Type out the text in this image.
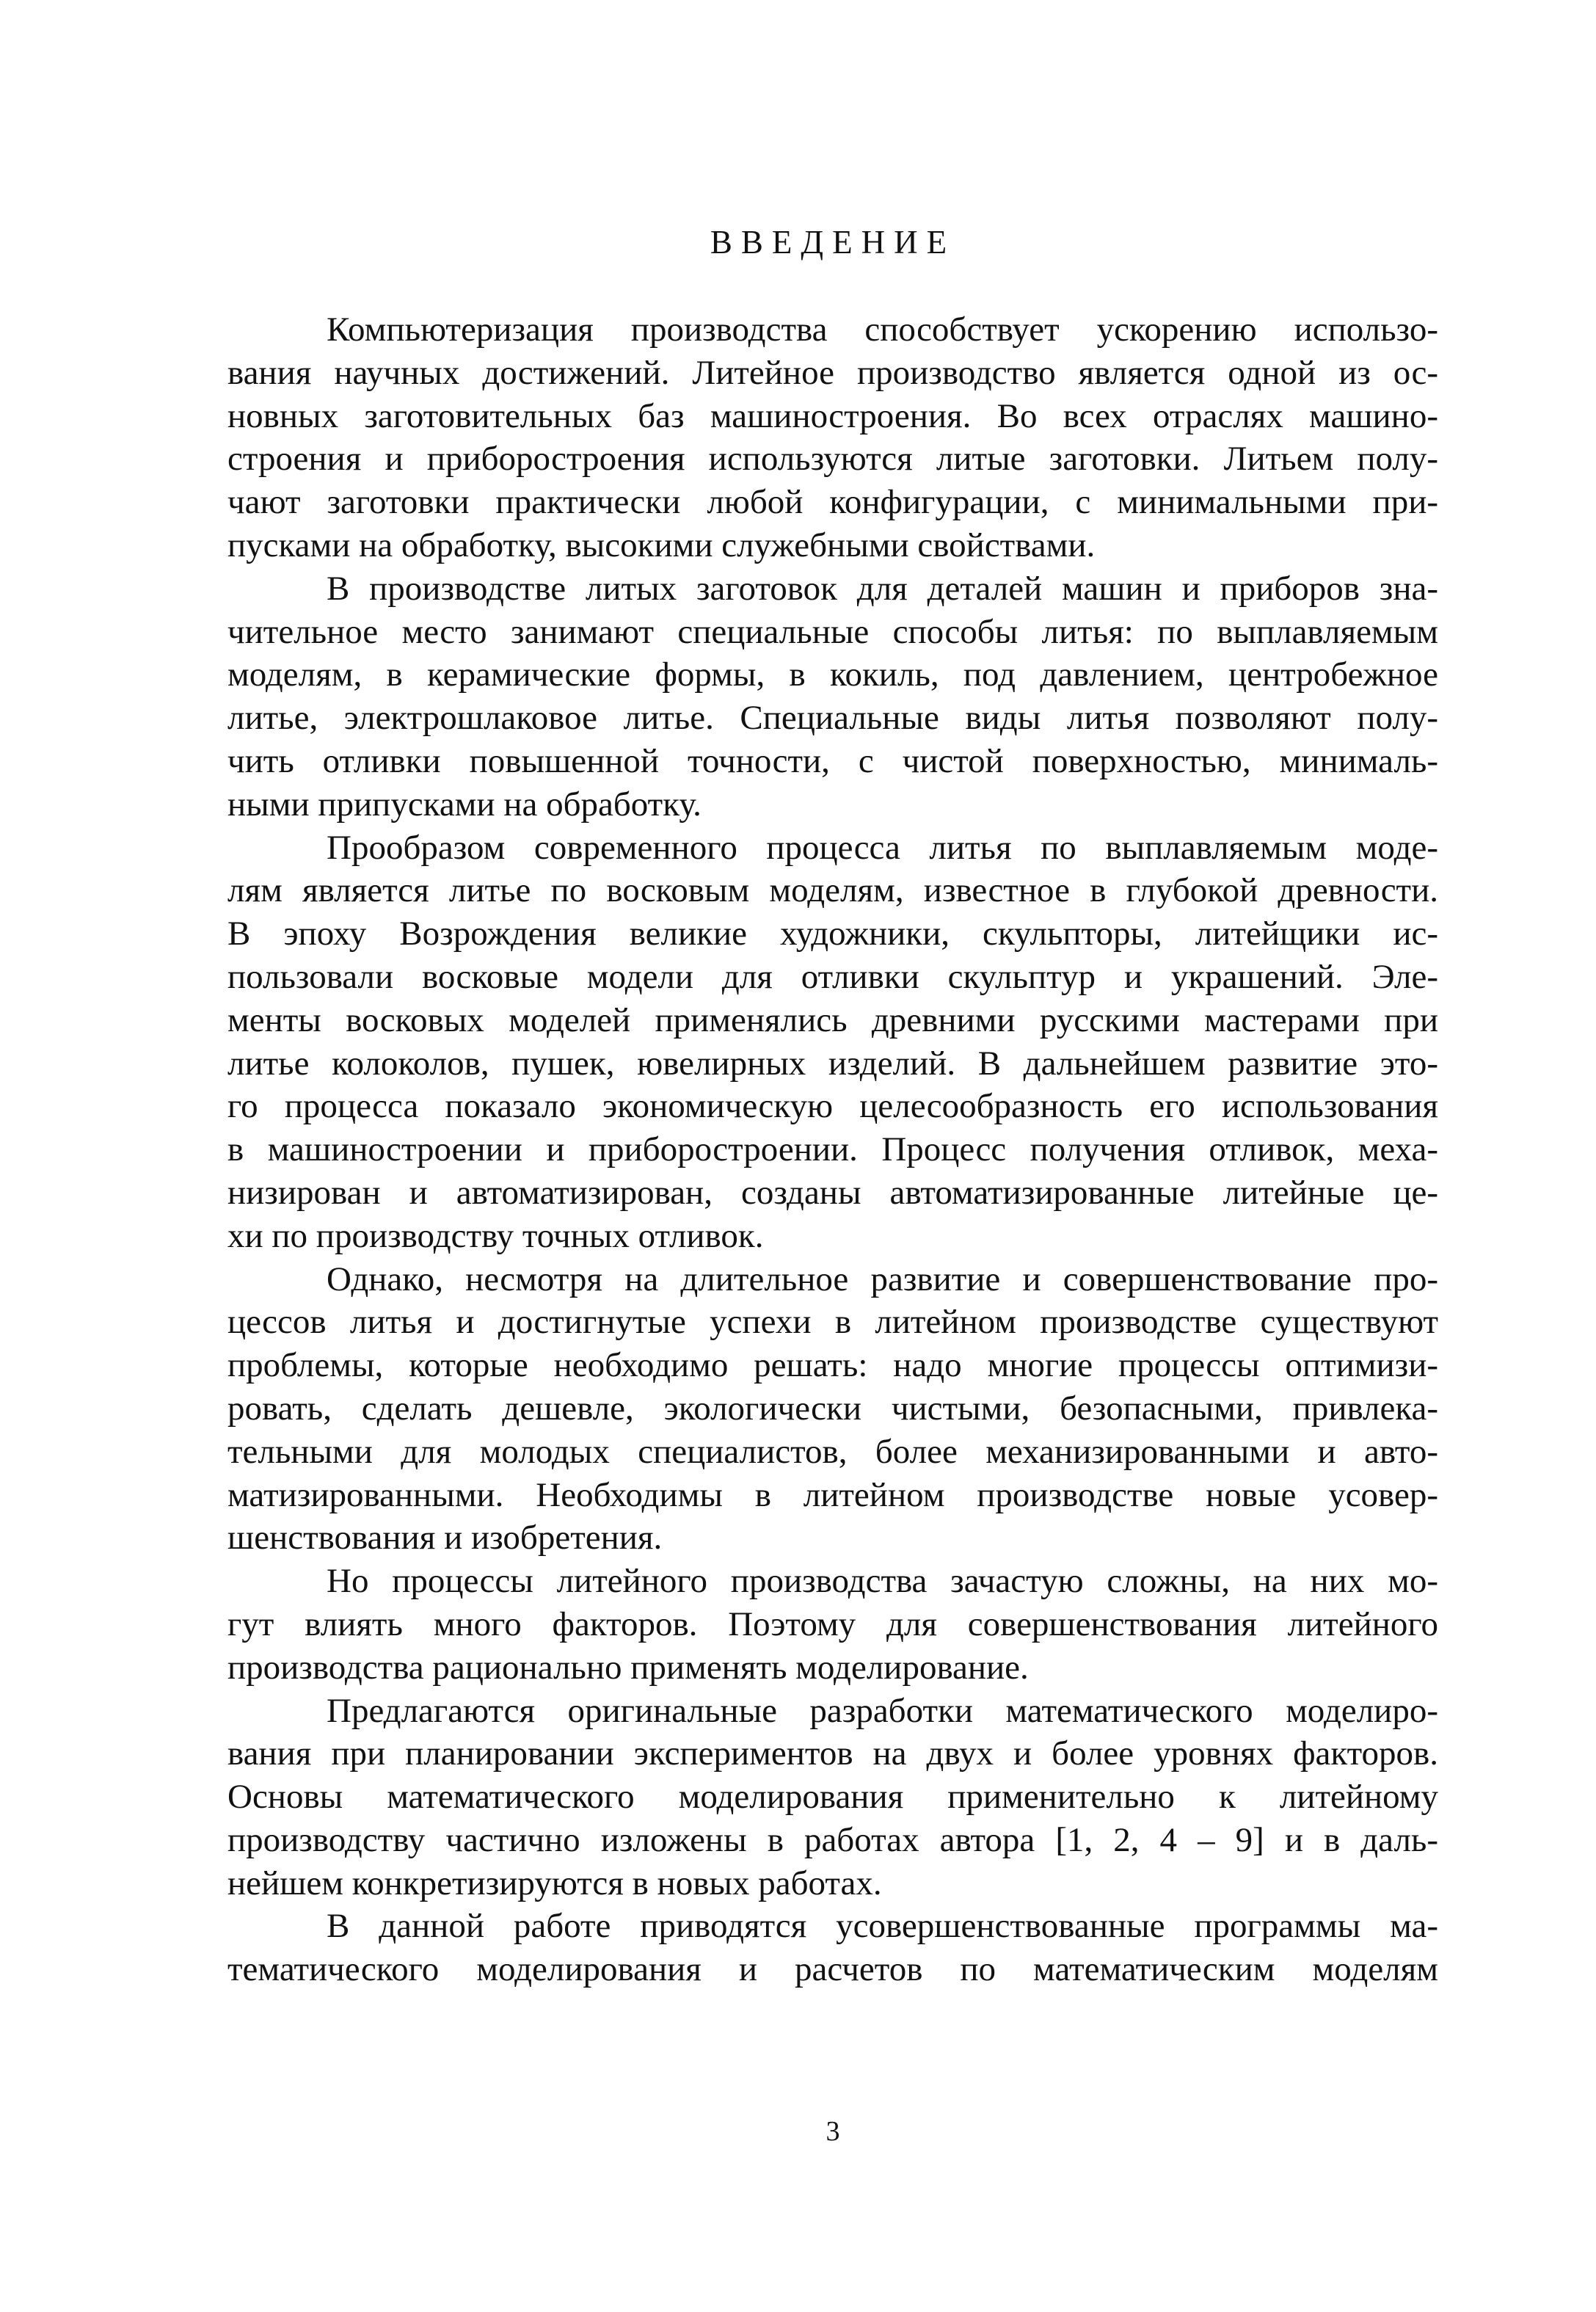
ВВЕДЕНИЕ
Компьютеризация производства способствует ускорению использо-
вания научных достижений. Литейное производство является одной из ос-
новных заготовительных баз машиностроения. Во всех отраслях машино-
строения и приборостроения используются литые заготовки. Литьем полу-
чают заготовки практически любой конфигурации, с минимальными при-
пусками на обработку, высокими служебными свойствами.
В производстве литых заготовок для деталей машин и приборов зна-
чительное место занимают специальные способы литья: по выплавляемым
моделям, в керамические формы, в кокиль, под давлением, центробежное
литье, электрошлаковое литье. Специальные виды литья позволяют полу-
чить отливки повышенной точности, с чистой поверхностью, минималь-
ными припусками на обработку.
Прообразом современного процесса литья по выплавляемым моде-
лям является литье по восковым моделям, известное в глубокой древности.
В эпоху Возрождения великие художники, скульпторы, литейщики ис-
пользовали восковые модели для отливки скульптур и украшений. Эле-
менты восковых моделей применялись древними русскими мастерами при
литье колоколов, пушек, ювелирных изделий. В дальнейшем развитие это-
го процесса показало экономическую целесообразность его использования
в машиностроении и приборостроении. Процесс получения отливок, меха-
низирован и автоматизирован, созданы автоматизированные литейные це-
хи по производству точных отливок.
Однако, несмотря на длительное развитие и совершенствование про-
цессов литья и достигнутые успехи в литейном производстве существуют
проблемы, которые необходимо решать: надо многие процессы оптимизи-
ровать, сделать дешевле, экологически чистыми, безопасными, привлека-
тельными для молодых специалистов, более механизированными и авто-
матизированными. Необходимы в литейном производстве новые усовер-
шенствования и изобретения.
Но процессы литейного производства зачастую сложны, на них мо-
гут влиять много факторов. Поэтому для совершенствования литейного
производства рационально применять моделирование.
Предлагаются оригинальные разработки математического моделиро-
вания при планировании экспериментов на двух и более уровнях факторов.
Основы математического моделирования применительно к литейному
производству частично изложены в работах автора [1, 2, 4 – 9] и в даль-
нейшем конкретизируются в новых работах.
В данной работе приводятся усовершенствованные программы ма-
тематического моделирования и расчетов по математическим моделям
3
